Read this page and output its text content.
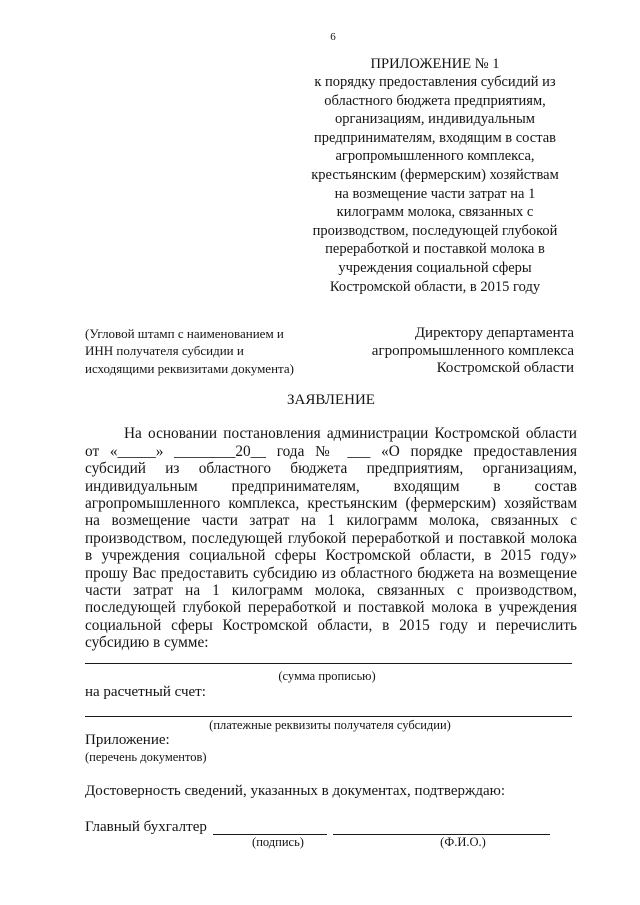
6
ПРИЛОЖЕНИЕ № 1
к порядку предоставления субсидий из
областного бюджета предприятиям,
организациям, индивидуальным
предпринимателям, входящим в состав
агропромышленного комплекса,
крестьянским (фермерским) хозяйствам
на возмещение части затрат на 1
килограмм молока, связанных с
производством, последующей глубокой
переработкой и поставкой молока в
учреждения социальной сферы
Костромской области, в 2015 году
(Угловой штамп с наименованием и
ИНН получателя субсидии и
исходящими реквизитами документа)
Директору департамента
агропромышленного комплекса
Костромской области
ЗАЯВЛЕНИЕ
На основании постановления администрации Костромской области
от «_____» ________20__ года № ___ «О порядке предоставления
субсидий из областного бюджета предприятиям, организациям,
индивидуальным предпринимателям, входящим в состав
агропромышленного комплекса, крестьянским (фермерским) хозяйствам
на возмещение части затрат на 1 килограмм молока, связанных с
производством, последующей глубокой переработкой и поставкой молока
в учреждения социальной сферы Костромской области, в 2015 году»
прошу Вас предоставить субсидию из областного бюджета на возмещение
части затрат на 1 килограмм молока, связанных с производством,
последующей глубокой переработкой и поставкой молока в учреждения
социальной сферы Костромской области, в 2015 году и перечислить
субсидию в сумме:
(сумма прописью)
на расчетный счет:
(платежные реквизиты получателя субсидии)
Приложение:
(перечень документов)
Достоверность сведений, указанных в документах, подтверждаю:
Главный бухгалтер
(подпись)	(Ф.И.О.)
